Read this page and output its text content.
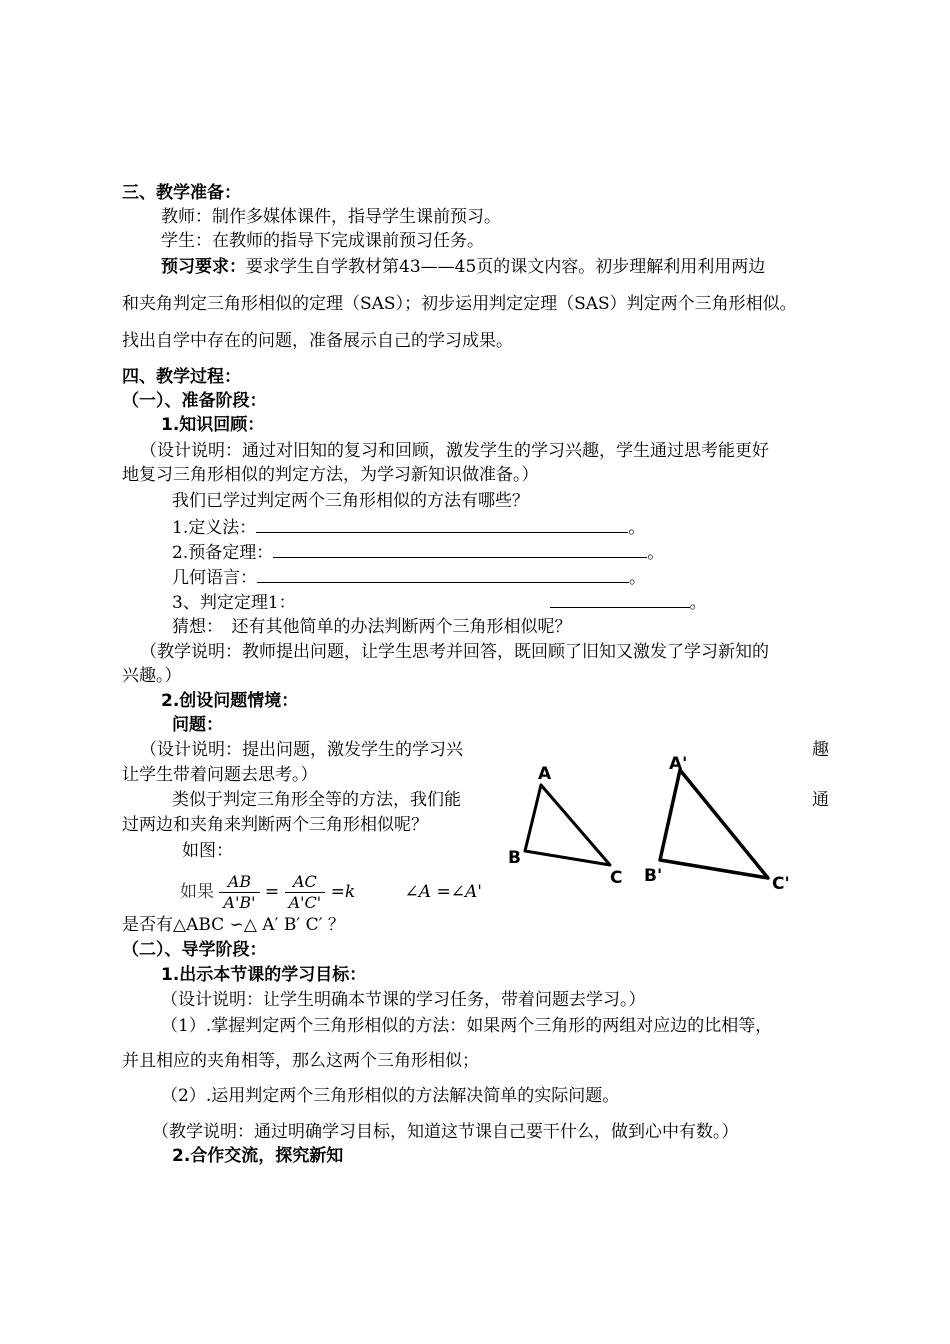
三、教学准备：
教师：制作多媒体课件，指导学生课前预习。
学生：在教师的指导下完成课前预习任务。
预习要求：要求学生自学教材第43——45页的课文内容。初步理解利用利用两边
和夹角判定三角形相似的定理（SAS）；初步运用判定定理（SAS）判定两个三角形相似。
找出自学中存在的问题，准备展示自己的学习成果。
四、教学过程：
（一）、准备阶段：
1.知识回顾：
（设计说明：通过对旧知的复习和回顾，激发学生的学习兴趣，学生通过思考能更好
地复习三角形相似的判定方法，为学习新知识做准备。）
我们已学过判定两个三角形相似的方法有哪些？
1.定义法：	。
2.预备定理：	。
几何语言：	。
3、判定定理1：	。
猜想：　还有其他简单的办法判断两个三角形相似呢？
（教学说明：教师提出问题，让学生思考并回答，既回顾了旧知又激发了学习新知的
兴趣。）
2.创设问题情境：
问题：
（设计说明：提出问题，激发学生的学习兴	趣
让学生带着问题去思考。）
类似于判定三角形全等的方法，我们能	通
过两边和夹角来判断两个三角形相似呢？
如图：
如果 $\frac{AB}{A'B'} = \frac{AC}{A'C'} =k$	∠A =∠A'
是否有△ABC ∽△ A′ B′ C′ ？
（二）、导学阶段：
1.出示本节课的学习目标：
（设计说明：让学生明确本节课的学习任务，带着问题去学习。）
（1）.掌握判定两个三角形相似的方法：如果两个三角形的两组对应边的比相等，
并且相应的夹角相等，那么这两个三角形相似；
（2）.运用判定两个三角形相似的方法解决简单的实际问题。
（教学说明：通过明确学习目标，知道这节课自己要干什么，做到心中有数。）
2.合作交流，探究新知
A
B
C
A'
B'	C'
